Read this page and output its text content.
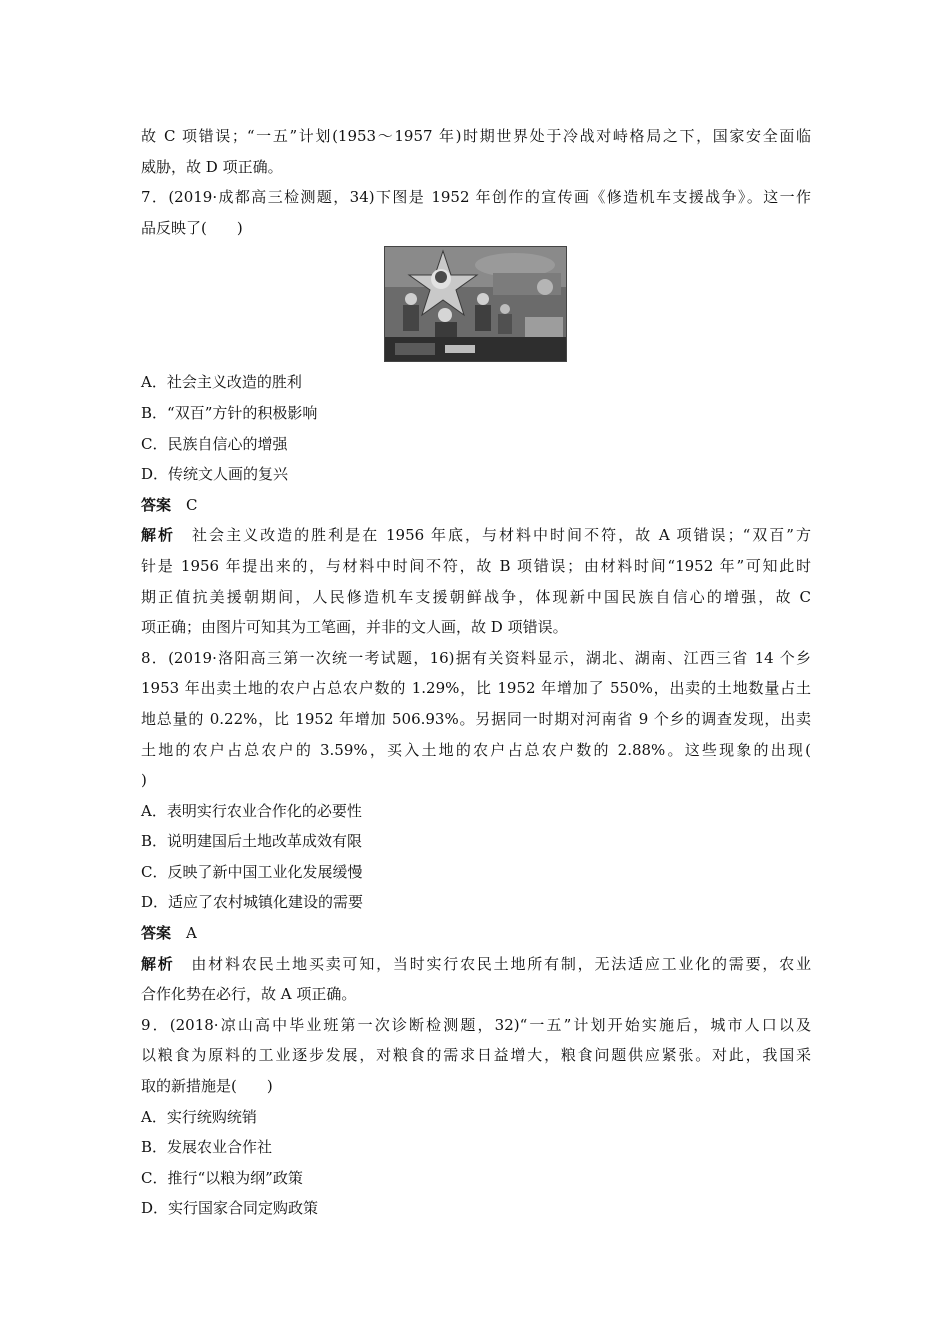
故 C 项错误；“一五”计划(1953～1957 年)时期世界处于冷战对峙格局之下，国家安全面临
威胁，故 D 项正确。
7．(2019·成都高三检测题，34)下图是 1952 年创作的宣传画《修造机车支援战争》。这一作
品反映了(　　)
A．社会主义改造的胜利
B．“双百”方针的积极影响
C．民族自信心的增强
D．传统文人画的复兴
答案　 C
解析　 社会主义改造的胜利是在 1956 年底，与材料中时间不符，故 A 项错误；“双百”方
针是 1956 年提出来的，与材料中时间不符，故 B 项错误；由材料时间“1952 年”可知此时
期正值抗美援朝期间，人民修造机车支援朝鲜战争，体现新中国民族自信心的增强，故 C
项正确；由图片可知其为工笔画，并非的文人画，故 D 项错误。
8．(2019·洛阳高三第一次统一考试题，16)据有关资料显示，湖北、湖南、江西三省 14 个乡
1953 年出卖土地的农户占总农户数的 1.29%，比 1952 年增加了 550%，出卖的土地数量占土
地总量的 0.22%，比 1952 年增加 506.93%。另据同一时期对河南省 9 个乡的调查发现，出卖
土地的农户占总农户的 3.59%，买入土地的农户占总农户数的 2.88%。这些现象的出现(
)
A．表明实行农业合作化的必要性
B．说明建国后土地改革成效有限
C．反映了新中国工业化发展缓慢
D．适应了农村城镇化建设的需要
答案　 A
解析　 由材料农民土地买卖可知，当时实行农民土地所有制，无法适应工业化的需要，农业
合作化势在必行，故 A 项正确。
9．(2018·凉山高中毕业班第一次诊断检测题，32)“一五”计划开始实施后，城市人口以及
以粮食为原料的工业逐步发展，对粮食的需求日益增大，粮食问题供应紧张。对此，我国采
取的新措施是(　　)
A．实行统购统销
B．发展农业合作社
C．推行“以粮为纲”政策
D．实行国家合同定购政策
